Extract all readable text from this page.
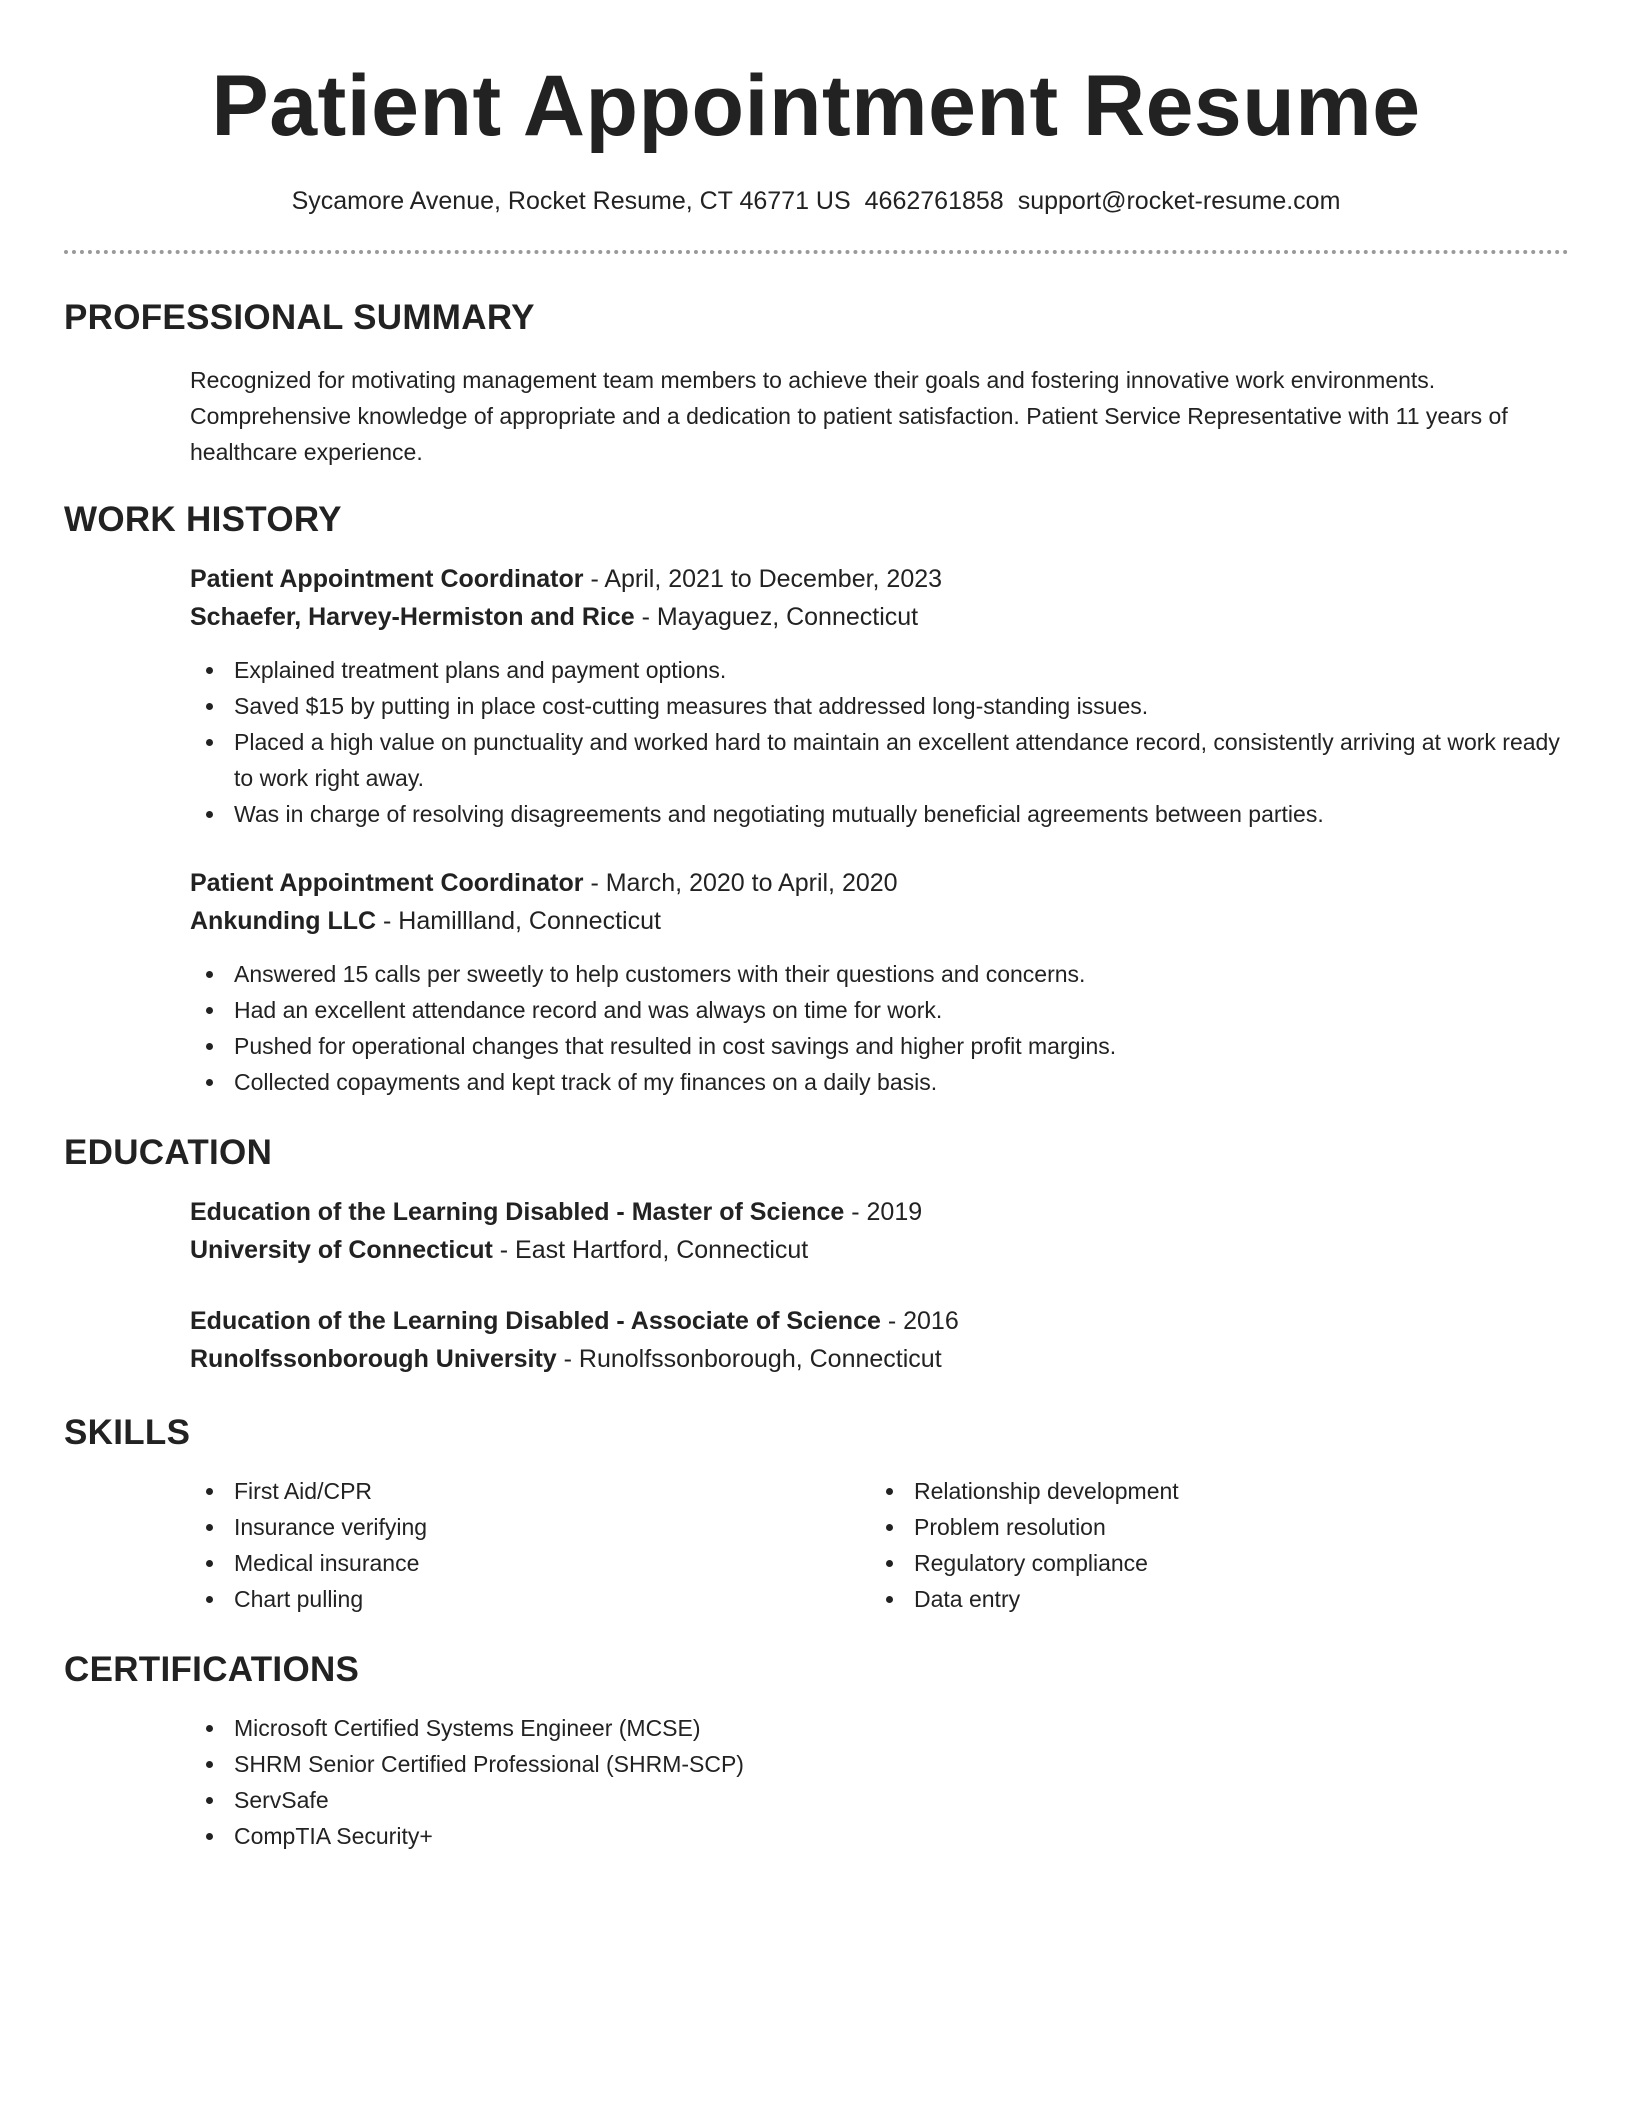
Patient Appointment Resume
Sycamore Avenue, Rocket Resume, CT 46771 US 4662761858 support@rocket-resume.com
PROFESSIONAL SUMMARY
Recognized for motivating management team members to achieve their goals and fostering innovative work environments. Comprehensive knowledge of appropriate and a dedication to patient satisfaction. Patient Service Representative with 11 years of healthcare experience.
WORK HISTORY
Patient Appointment Coordinator - April, 2021 to December, 2023
Schaefer, Harvey-Hermiston and Rice - Mayaguez, Connecticut
Explained treatment plans and payment options.
Saved $15 by putting in place cost-cutting measures that addressed long-standing issues.
Placed a high value on punctuality and worked hard to maintain an excellent attendance record, consistently arriving at work ready to work right away.
Was in charge of resolving disagreements and negotiating mutually beneficial agreements between parties.
Patient Appointment Coordinator - March, 2020 to April, 2020
Ankunding LLC - Hamillland, Connecticut
Answered 15 calls per sweetly to help customers with their questions and concerns.
Had an excellent attendance record and was always on time for work.
Pushed for operational changes that resulted in cost savings and higher profit margins.
Collected copayments and kept track of my finances on a daily basis.
EDUCATION
Education of the Learning Disabled - Master of Science - 2019
University of Connecticut - East Hartford, Connecticut
Education of the Learning Disabled - Associate of Science - 2016
Runolfssonborough University - Runolfssonborough, Connecticut
SKILLS
First Aid/CPR
Insurance verifying
Medical insurance
Chart pulling
Relationship development
Problem resolution
Regulatory compliance
Data entry
CERTIFICATIONS
Microsoft Certified Systems Engineer (MCSE)
SHRM Senior Certified Professional (SHRM-SCP)
ServSafe
CompTIA Security+
